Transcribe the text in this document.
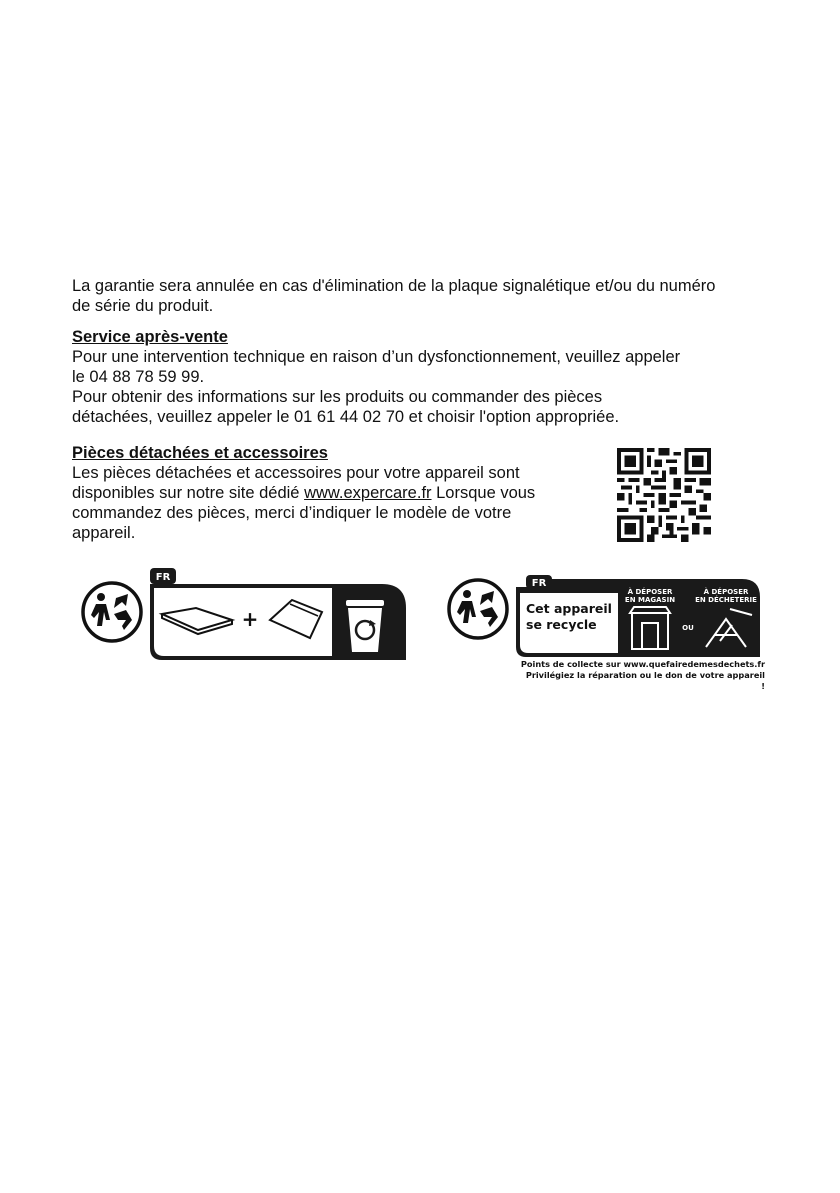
La garantie sera annulée en cas d'élimination de la plaque signalétique et/ou du numéro

de série du produit.

Service après-vente

Pour une intervention technique en raison d’un dysfonctionnement, veuillez appeler

le 04 88 78 59 99.

Pour obtenir des informations sur les produits ou commander des pièces

détachées, veuillez appeler le 01 61 44 02 70 et choisir l'option appropriée.

Pièces détachées et accessoires

Les pièces détachées et accessoires pour votre appareil sont

disponibles sur notre site dédié www.expercare.fr Lorsque vous

commandez des pièces, merci d’indiquer le modèle de votre

appareil.

FR
+
FR
Cet appareil
se recycle
À DÉPOSER
EN MAGASIN
À DÉPOSER
EN DÉCHETERIE
OU
Points de collecte sur www.quefairedemesdechets.fr
Privilégiez la réparation ou le don de votre appareil !
